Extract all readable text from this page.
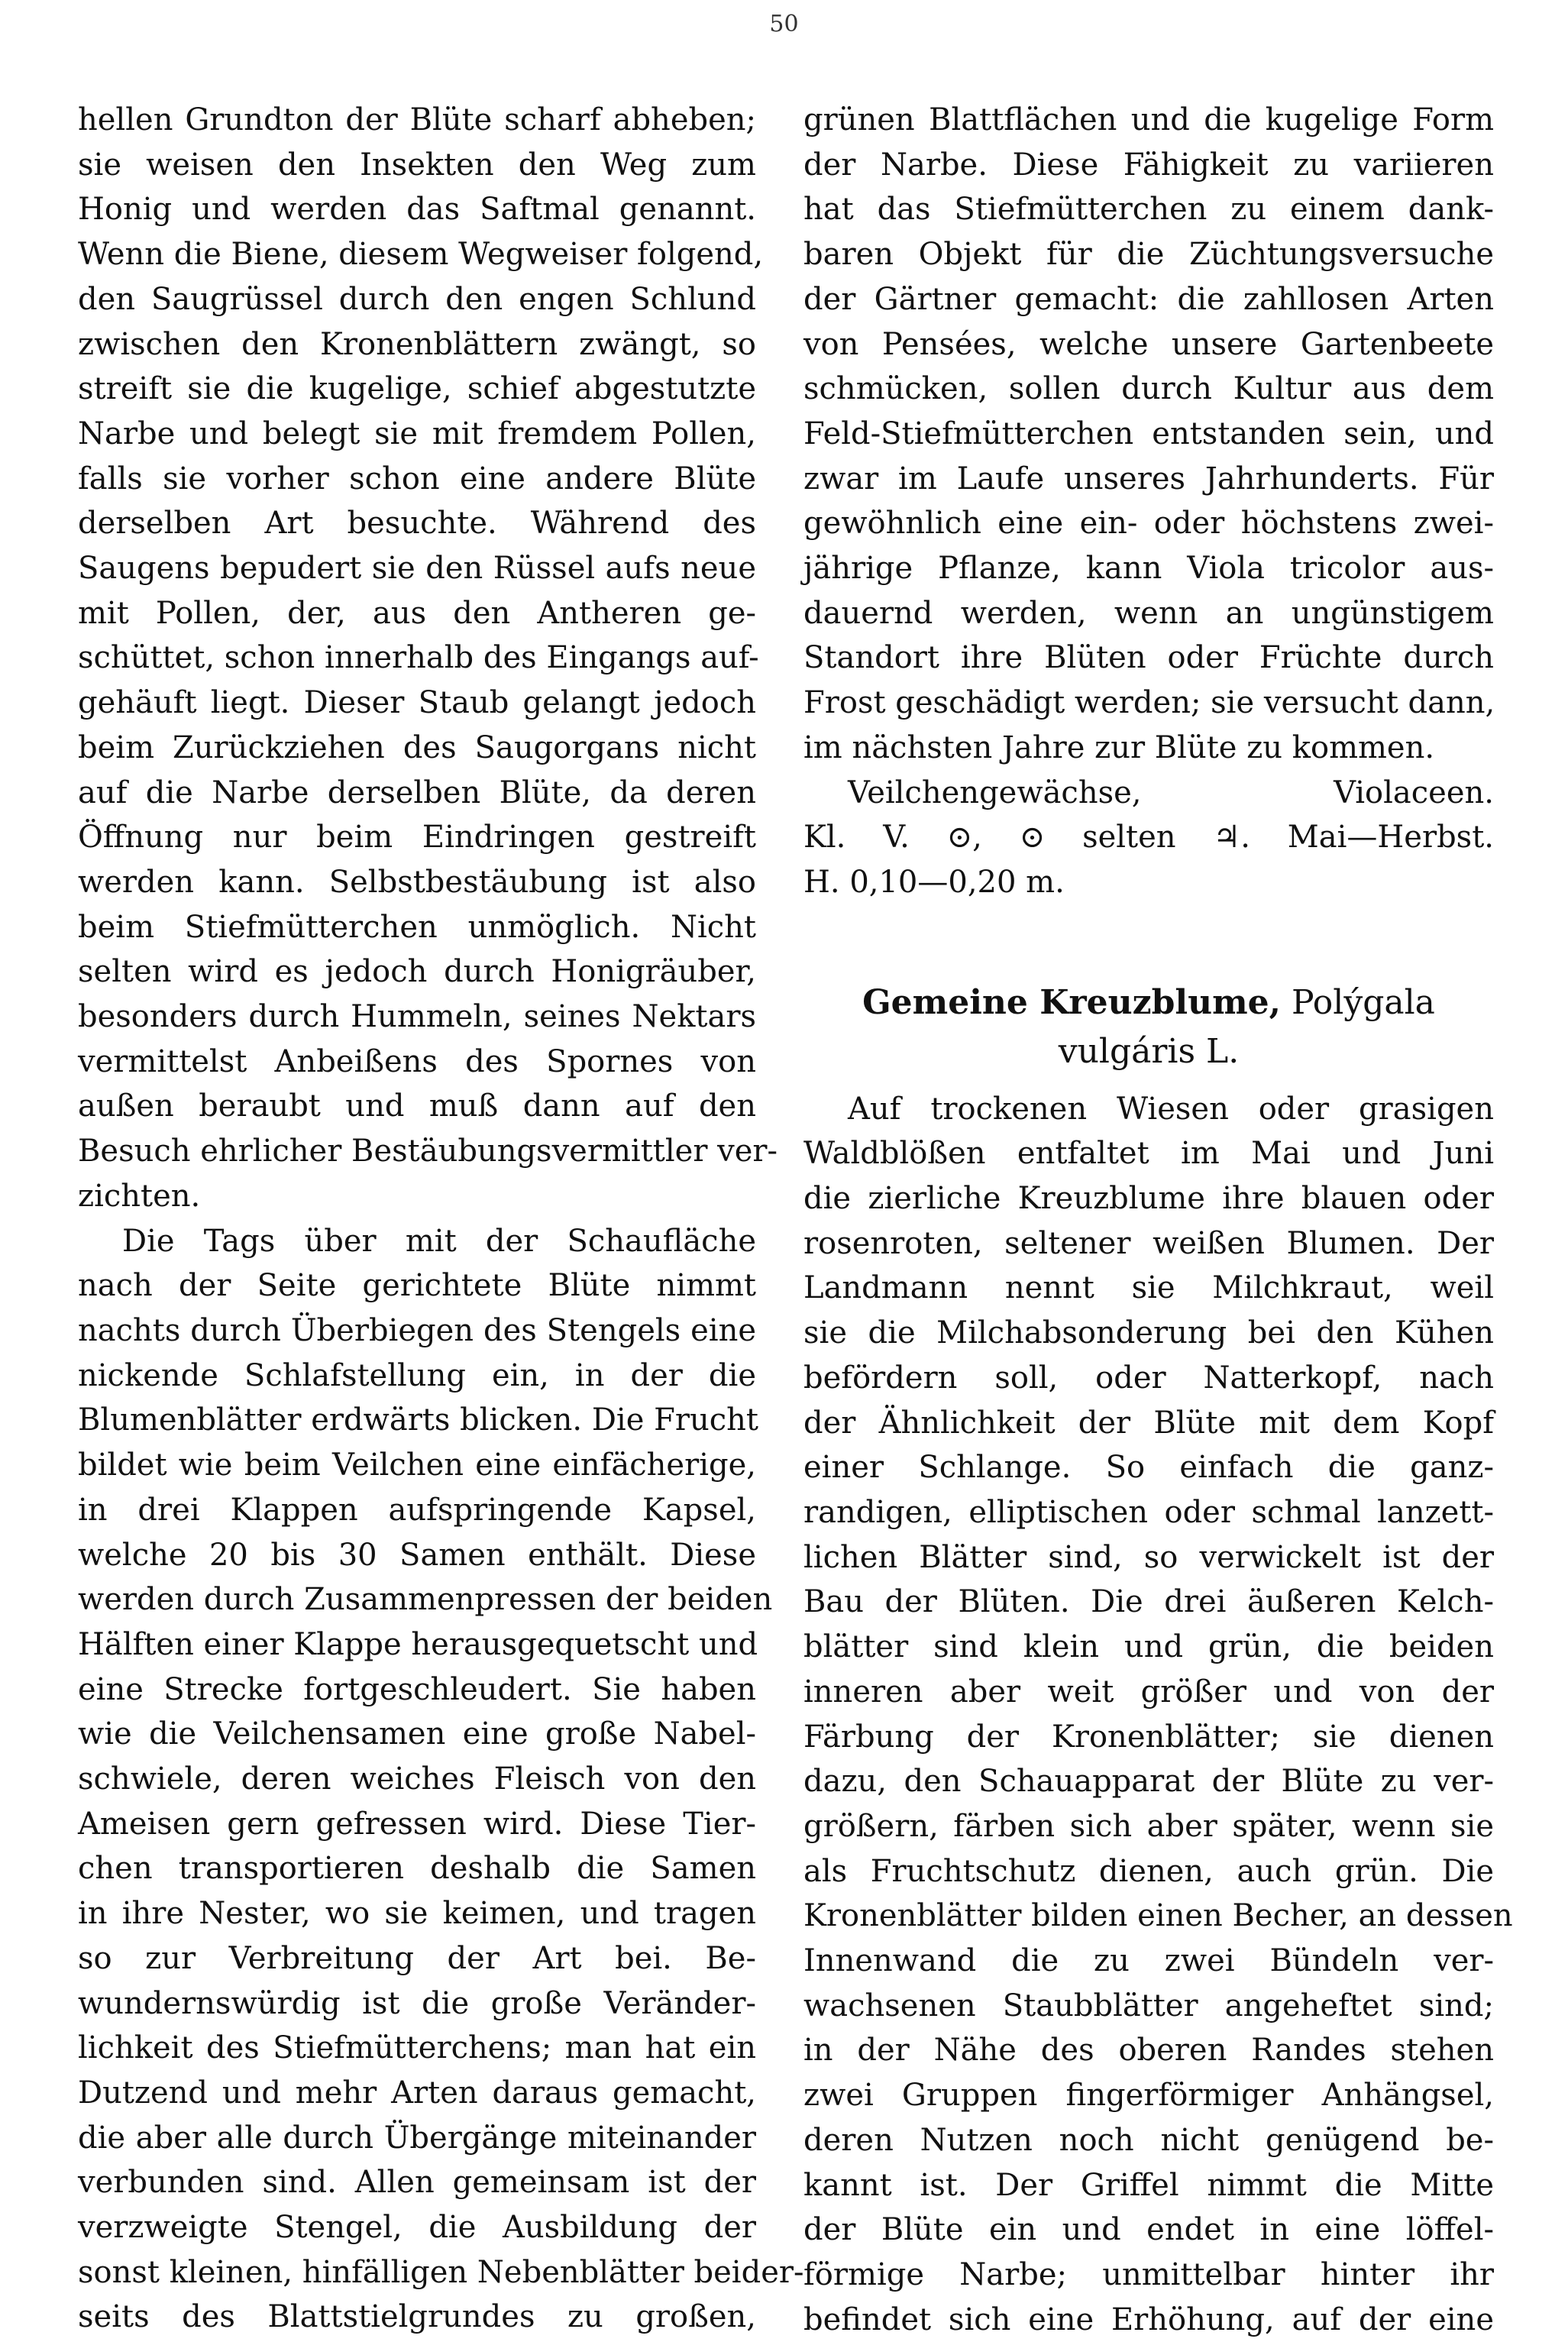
50
hellen Grundton der Blüte scharf abheben;
sie weisen den Insekten den Weg zum
Honig und werden das Saftmal genannt.
Wenn die Biene, diesem Wegweiser folgend,
den Saugrüssel durch den engen Schlund
zwischen den Kronenblättern zwängt, so
streift sie die kugelige, schief abgestutzte
Narbe und belegt sie mit fremdem Pollen,
falls sie vorher schon eine andere Blüte
derselben Art besuchte. Während des
Saugens bepudert sie den Rüssel aufs neue
mit Pollen, der, aus den Antheren ge-
schüttet, schon innerhalb des Eingangs auf-
gehäuft liegt. Dieser Staub gelangt jedoch
beim Zurückziehen des Saugorgans nicht
auf die Narbe derselben Blüte, da deren
Öffnung nur beim Eindringen gestreift
werden kann. Selbstbestäubung ist also
beim Stiefmütterchen unmöglich. Nicht
selten wird es jedoch durch Honigräuber,
besonders durch Hummeln, seines Nektars
vermittelst Anbeißens des Spornes von
außen beraubt und muß dann auf den
Besuch ehrlicher Bestäubungsvermittler ver-
zichten.
Die Tags über mit der Schaufläche
nach der Seite gerichtete Blüte nimmt
nachts durch Überbiegen des Stengels eine
nickende Schlafstellung ein, in der die
Blumenblätter erdwärts blicken. Die Frucht
bildet wie beim Veilchen eine einfächerige,
in drei Klappen aufspringende Kapsel,
welche 20 bis 30 Samen enthält. Diese
werden durch Zusammenpressen der beiden
Hälften einer Klappe herausgequetscht und
eine Strecke fortgeschleudert. Sie haben
wie die Veilchensamen eine große Nabel-
schwiele, deren weiches Fleisch von den
Ameisen gern gefressen wird. Diese Tier-
chen transportieren deshalb die Samen
in ihre Nester, wo sie keimen, und tragen
so zur Verbreitung der Art bei. Be-
wundernswürdig ist die große Veränder-
lichkeit des Stiefmütterchens; man hat ein
Dutzend und mehr Arten daraus gemacht,
die aber alle durch Übergänge miteinander
verbunden sind. Allen gemeinsam ist der
verzweigte Stengel, die Ausbildung der
sonst kleinen, hinfälligen Nebenblätter beider-
seits des Blattstielgrundes zu großen,
grünen Blattflächen und die kugelige Form
der Narbe. Diese Fähigkeit zu variieren
hat das Stiefmütterchen zu einem dank-
baren Objekt für die Züchtungsversuche
der Gärtner gemacht: die zahllosen Arten
von Pensées, welche unsere Gartenbeete
schmücken, sollen durch Kultur aus dem
Feld-Stiefmütterchen entstanden sein, und
zwar im Laufe unseres Jahrhunderts. Für
gewöhnlich eine ein- oder höchstens zwei-
jährige Pflanze, kann Viola tricolor aus-
dauernd werden, wenn an ungünstigem
Standort ihre Blüten oder Früchte durch
Frost geschädigt werden; sie versucht dann,
im nächsten Jahre zur Blüte zu kommen.
Veilchengewächse, Violaceen.
Kl. V. ⊙, ⊙ selten ♃. Mai—Herbst.
H. 0,10—0,20 m.
Gemeine Kreuzblume, Polýgala
vulgáris L.
Auf trockenen Wiesen oder grasigen
Waldblößen entfaltet im Mai und Juni
die zierliche Kreuzblume ihre blauen oder
rosenroten, seltener weißen Blumen. Der
Landmann nennt sie Milchkraut, weil
sie die Milchabsonderung bei den Kühen
befördern soll, oder Natterkopf, nach
der Ähnlichkeit der Blüte mit dem Kopf
einer Schlange. So einfach die ganz-
randigen, elliptischen oder schmal lanzett-
lichen Blätter sind, so verwickelt ist der
Bau der Blüten. Die drei äußeren Kelch-
blätter sind klein und grün, die beiden
inneren aber weit größer und von der
Färbung der Kronenblätter; sie dienen
dazu, den Schauapparat der Blüte zu ver-
größern, färben sich aber später, wenn sie
als Fruchtschutz dienen, auch grün. Die
Kronenblätter bilden einen Becher, an dessen
Innenwand die zu zwei Bündeln ver-
wachsenen Staubblätter angeheftet sind;
in der Nähe des oberen Randes stehen
zwei Gruppen fingerförmiger Anhängsel,
deren Nutzen noch nicht genügend be-
kannt ist. Der Griffel nimmt die Mitte
der Blüte ein und endet in eine löffel-
förmige Narbe; unmittelbar hinter ihr
befindet sich eine Erhöhung, auf der eine
